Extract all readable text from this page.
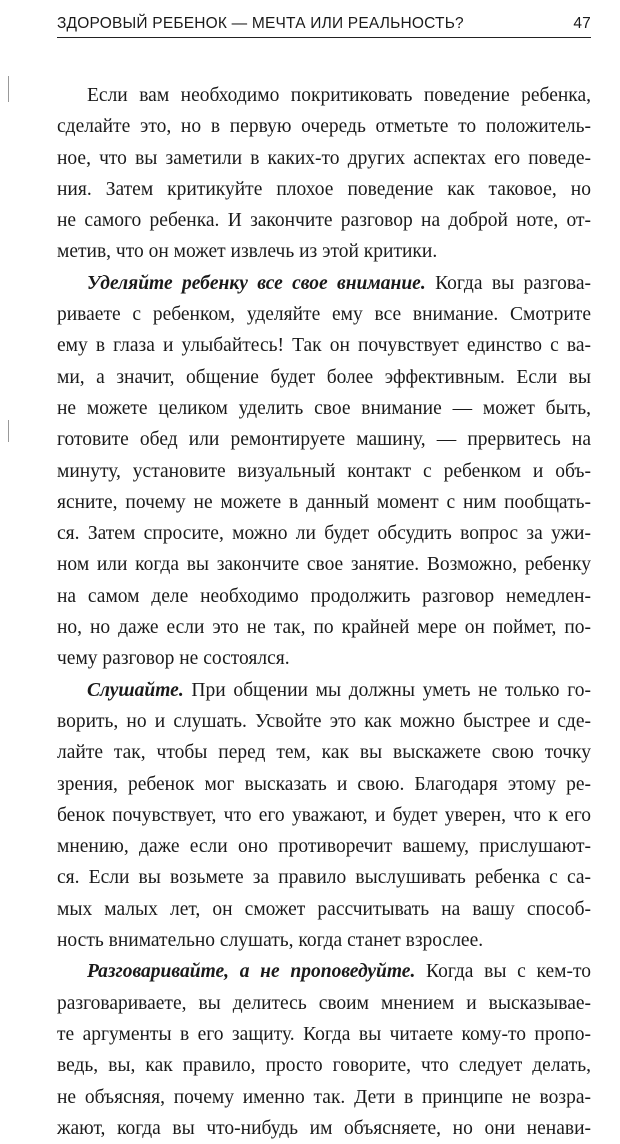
ЗДОРОВЫЙ РЕБЕНОК — МЕЧТА ИЛИ РЕАЛЬНОСТЬ?	47
Если вам необходимо покритиковать поведение ребенка,
сделайте это, но в первую очередь отметьте то положитель-
ное, что вы заметили в каких-то других аспектах его поведе-
ния. Затем критикуйте плохое поведение как таковое, но
не самого ребенка. И закончите разговор на доброй ноте, от-
метив, что он может извлечь из этой критики.
Уделяйте ребенку все свое внимание. Когда вы разгова-
риваете с ребенком, уделяйте ему все внимание. Смотрите
ему в глаза и улыбайтесь! Так он почувствует единство с ва-
ми, а значит, общение будет более эффективным. Если вы
не можете целиком уделить свое внимание — может быть,
готовите обед или ремонтируете машину, — прервитесь на
минуту, установите визуальный контакт с ребенком и объ-
ясните, почему не можете в данный момент с ним пообщать-
ся. Затем спросите, можно ли будет обсудить вопрос за ужи-
ном или когда вы закончите свое занятие. Возможно, ребенку
на самом деле необходимо продолжить разговор немедлен-
но, но даже если это не так, по крайней мере он поймет, по-
чему разговор не состоялся.
Слушайте. При общении мы должны уметь не только го-
ворить, но и слушать. Усвойте это как можно быстрее и сде-
лайте так, чтобы перед тем, как вы выскажете свою точку
зрения, ребенок мог высказать и свою. Благодаря этому ре-
бенок почувствует, что его уважают, и будет уверен, что к его
мнению, даже если оно противоречит вашему, прислушают-
ся. Если вы возьмете за правило выслушивать ребенка с са-
мых малых лет, он сможет рассчитывать на вашу способ-
ность внимательно слушать, когда станет взрослее.
Разговаривайте, а не проповедуйте. Когда вы с кем-то
разговариваете, вы делитесь своим мнением и высказывае-
те аргументы в его защиту. Когда вы читаете кому-то пропо-
ведь, вы, как правило, просто говорите, что следует делать,
не объясняя, почему именно так. Дети в принципе не возра-
жают, когда вы что-нибудь им объясняете, но они ненави-
